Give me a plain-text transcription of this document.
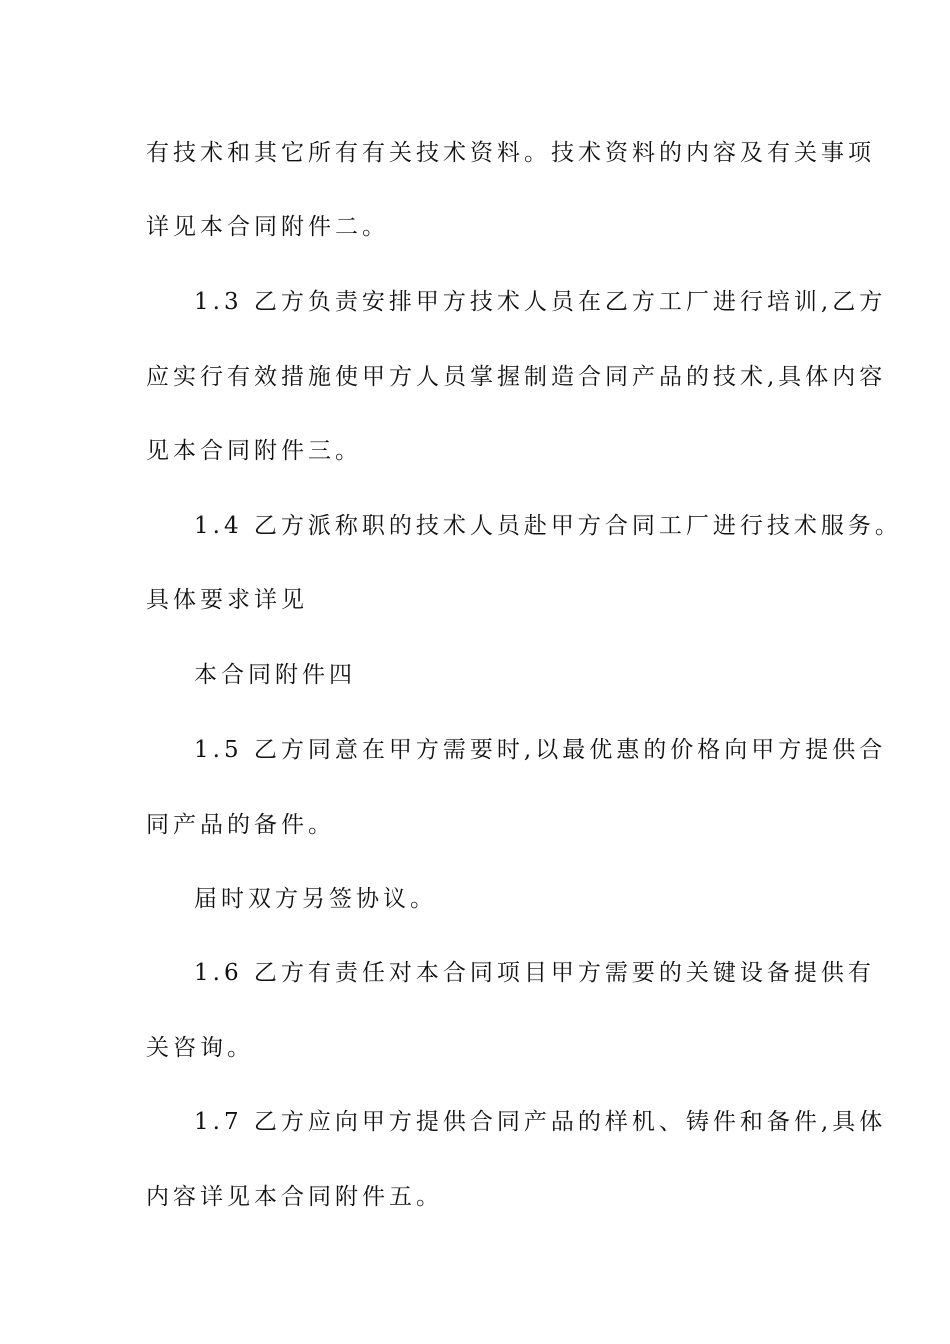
有技术和其它所有有关技术资料。技术资料的内容及有关事项
详见本合同附件二。
1.3 乙方负责安排甲方技术人员在乙方工厂进行培训,乙方
应实行有效措施使甲方人员掌握制造合同产品的技术,具体内容
见本合同附件三。
1.4 乙方派称职的技术人员赴甲方合同工厂进行技术服务。
具体要求详见
本合同附件四
1.5 乙方同意在甲方需要时,以最优惠的价格向甲方提供合
同产品的备件。
届时双方另签协议。
1.6 乙方有责任对本合同项目甲方需要的关键设备提供有
关咨询。
1.7 乙方应向甲方提供合同产品的样机、铸件和备件,具体
内容详见本合同附件五。
